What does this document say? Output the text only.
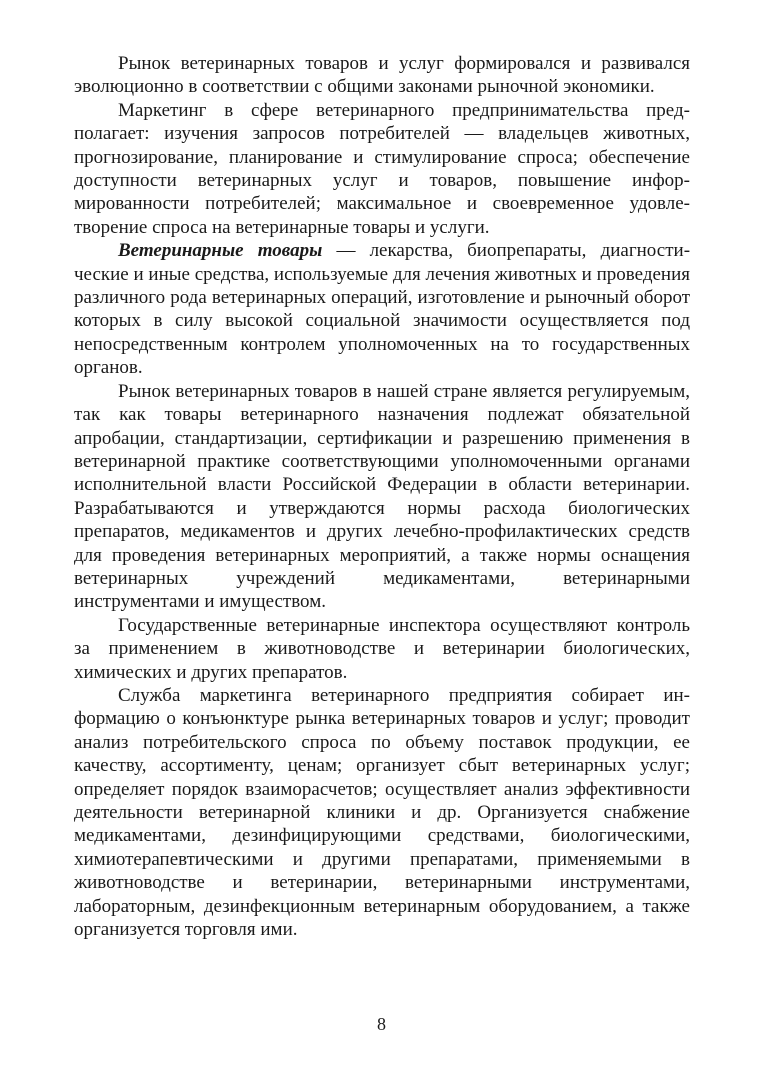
Рынок ветеринарных товаров и услуг формировался и развивался эволюционно в соответствии с общими законами рыночной экономики.

Маркетинг в сфере ветеринарного предпринимательства предполагает: изучения запросов потребителей — владельцев животных, прогнозирование, планирование и стимулирование спроса; обеспечение доступности ветеринарных услуг и товаров, повышение информированности потребителей; максимальное и своевременное удовлетворение спроса на ветеринарные товары и услуги.

Ветеринарные товары — лекарства, биопрепараты, диагностические и иные средства, используемые для лечения животных и проведения различного рода ветеринарных операций, изготовление и рыночный оборот которых в силу высокой социальной значимости осуществляется под непосредственным контролем уполномоченных на то государственных органов.

Рынок ветеринарных товаров в нашей стране является регулируемым, так как товары ветеринарного назначения подлежат обязательной апробации, стандартизации, сертификации и разрешению применения в ветеринарной практике соответствующими уполномоченными органами исполнительной власти Российской Федерации в области ветеринарии. Разрабатываются и утверждаются нормы расхода биологических препаратов, медикаментов и других лечебно-профилактических средств для проведения ветеринарных мероприятий, а также нормы оснащения ветеринарных учреждений медикаментами, ветеринарными инструментами и имуществом.

Государственные ветеринарные инспектора осуществляют контроль за применением в животноводстве и ветеринарии биологических, химических и других препаратов.

Служба маркетинга ветеринарного предприятия собирает информацию о конъюнктуре рынка ветеринарных товаров и услуг; проводит анализ потребительского спроса по объему поставок продукции, ее качеству, ассортименту, ценам; организует сбыт ветеринарных услуг; определяет порядок взаиморасчетов; осуществляет анализ эффективности деятельности ветеринарной клиники и др. Организуется снабжение медикаментами, дезинфицирующими средствами, биологическими, химиотерапевтическими и другими препаратами, применяемыми в животноводстве и ветеринарии, ветеринарными инструментами, лабораторным, дезинфекционным ветеринарным оборудованием, а также организуется торговля ими.

8
